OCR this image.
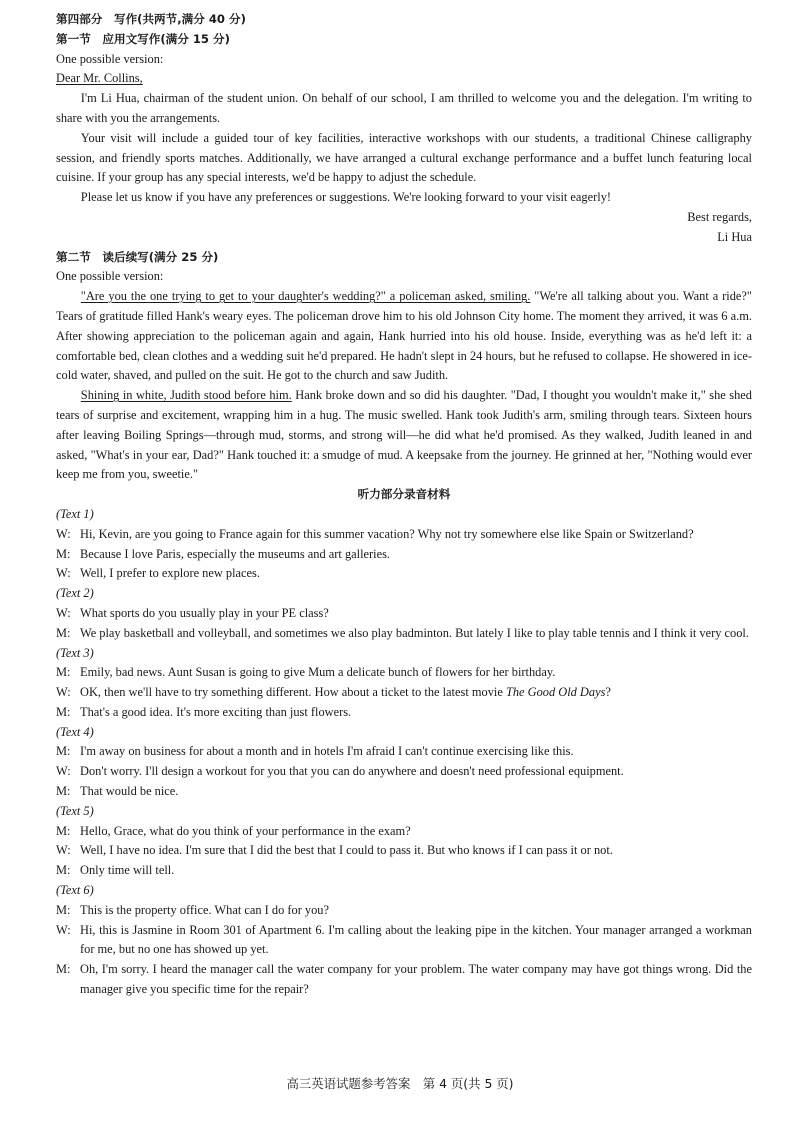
第四部分　写作(共两节,满分 40 分)
第一节　应用文写作(满分 15 分)
One possible version:
Dear Mr. Collins,

I'm Li Hua, chairman of the student union. On behalf of our school, I am thrilled to welcome you and the delegation. I'm writing to share with you the arrangements.

Your visit will include a guided tour of key facilities, interactive workshops with our students, a traditional Chinese calligraphy session, and friendly sports matches. Additionally, we have arranged a cultural exchange performance and a buffet lunch featuring local cuisine. If your group has any special interests, we'd be happy to adjust the schedule.

Please let us know if you have any preferences or suggestions. We're looking forward to your visit eagerly!

Best regards,

Li Hua

第二节　读后续写(满分 25 分)
One possible version:

"Are you the one trying to get to your daughter's wedding?" a policeman asked, smiling. "We're all talking about you. Want a ride?" Tears of gratitude filled Hank's weary eyes. The policeman drove him to his old Johnson City home. The moment they arrived, it was 6 a.m. After showing appreciation to the policeman again and again, Hank hurried into his old house. Inside, everything was as he'd left it: a comfortable bed, clean clothes and a wedding suit he'd prepared. He hadn't slept in 24 hours, but he refused to collapse. He showered in ice-cold water, shaved, and pulled on the suit. He got to the church and saw Judith.

Shining in white, Judith stood before him. Hank broke down and so did his daughter. "Dad, I thought you wouldn't make it," she shed tears of surprise and excitement, wrapping him in a hug. The music swelled. Hank took Judith's arm, smiling through tears. Sixteen hours after leaving Boiling Springs—through mud, storms, and strong will—he did what he'd promised. As they walked, Judith leaned in and asked, "What's in your ear, Dad?" Hank touched it: a smudge of mud. A keepsake from the journey. He grinned at her, "Nothing would ever keep me from you, sweetie."

听力部分录音材料

(Text 1)

W: Hi, Kevin, are you going to France again for this summer vacation? Why not try somewhere else like Spain or Switzerland?
M: Because I love Paris, especially the museums and art galleries.
W: Well, I prefer to explore new places.

(Text 2)

W: What sports do you usually play in your PE class?
M: We play basketball and volleyball, and sometimes we also play badminton. But lately I like to play table tennis and I think it very cool.

(Text 3)

M: Emily, bad news. Aunt Susan is going to give Mum a delicate bunch of flowers for her birthday.
W: OK, then we'll have to try something different. How about a ticket to the latest movie The Good Old Days?
M: That's a good idea. It's more exciting than just flowers.

(Text 4)

M: I'm away on business for about a month and in hotels I'm afraid I can't continue exercising like this.
W: Don't worry. I'll design a workout for you that you can do anywhere and doesn't need professional equipment.
M: That would be nice.

(Text 5)

M: Hello, Grace, what do you think of your performance in the exam?
W: Well, I have no idea. I'm sure that I did the best that I could to pass it. But who knows if I can pass it or not.
M: Only time will tell.

(Text 6)

M: This is the property office. What can I do for you?
W: Hi, this is Jasmine in Room 301 of Apartment 6. I'm calling about the leaking pipe in the kitchen. Your manager arranged a workman for me, but no one has showed up yet.
M: Oh, I'm sorry. I heard the manager call the water company for your problem. The water company may have got things wrong. Did the manager give you specific time for the repair?
高三英语试题参考答案　第 4 页(共 5 页)
